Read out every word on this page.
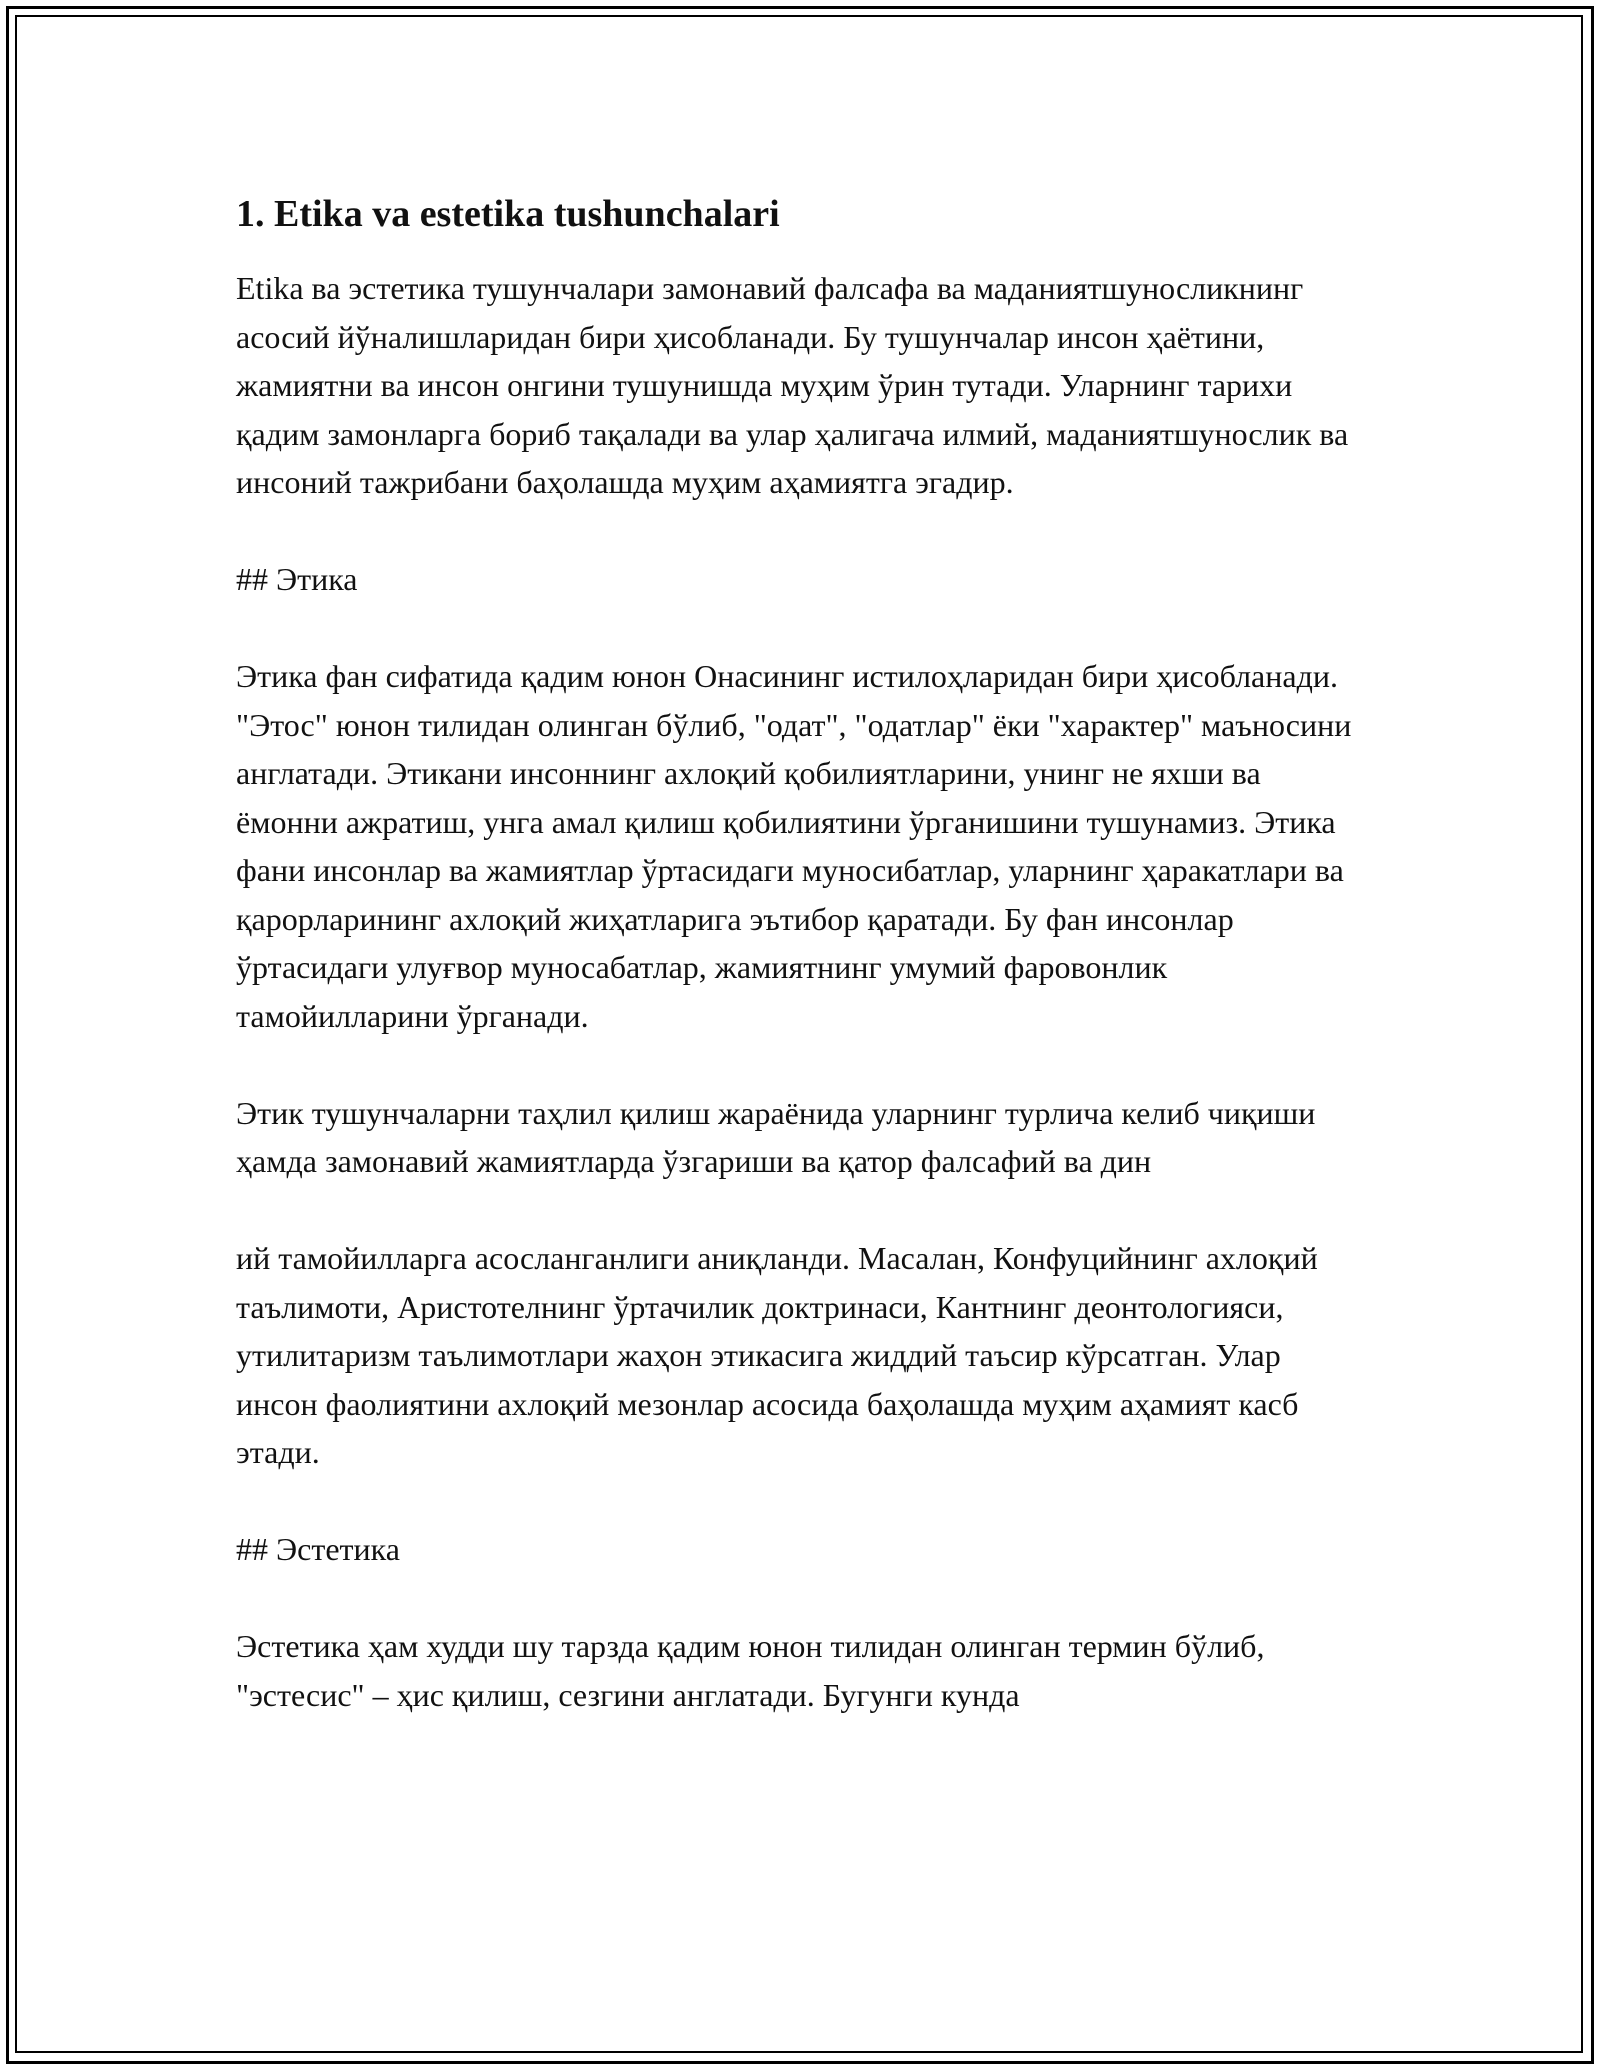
1. Etika va estetika tushunchalari

Etіka ва эстетика тушунчалари замонавий фалсафа ва маданиятшуносликнинг асосий йўналишларидан бири ҳисобланади. Бу тушунчалар инсон ҳаётини, жамиятни ва инсон онгини тушунишда муҳим ўрин тутади. Уларнинг тарихи қадим замонларга бориб тақалади ва улар ҳалигача илмий, маданиятшунослик ва инсоний тажрибани баҳолашда муҳим аҳамиятга эгадир.

## Этика

Этика фан сифатида қадим юнон Онасининг истилоҳларидан бири ҳисобланади. "Этос" юнон тилидан олинган бўлиб, "одат", "одатлар" ёки "характер" маъносини англатади. Этикани инсоннинг ахлоқий қобилиятларини, унинг не яхши ва ёмонни ажратиш, унга амал қилиш қобилиятини ўрганишини тушунамиз. Этика фани инсонлар ва жамиятлар ўртасидаги муносибатлар, уларнинг ҳаракатлари ва қарорларининг ахлоқий жиҳатларига эътибор қаратади. Бу фан инсонлар ўртасидаги улуғвор муносабатлар, жамиятнинг умумий фаровонлик тамойилларини ўрганади.

Этик тушунчаларни таҳлил қилиш жараёнида уларнинг турлича келиб чиқиши ҳамда замонавий жамиятларда ўзгариши ва қатор фалсафий ва дин

ий тамойилларга асосланганлиги аниқланди. Масалан, Конфуцийнинг ахлоқий таълимоти, Аристотелнинг ўртачилик доктринаси, Кантнинг деонтологияси, утилитаризм таълимотлари жаҳон этикасига жиддий таъсир кўрсатган. Улар инсон фаолиятини ахлоқий мезонлар асосида баҳолашда муҳим аҳамият касб этади.

## Эстетика

Эстетика ҳам худди шу тарзда қадим юнон тилидан олинган термин бўлиб, "эстесис" – ҳис қилиш, сезгини англатади. Бугунги кунда
